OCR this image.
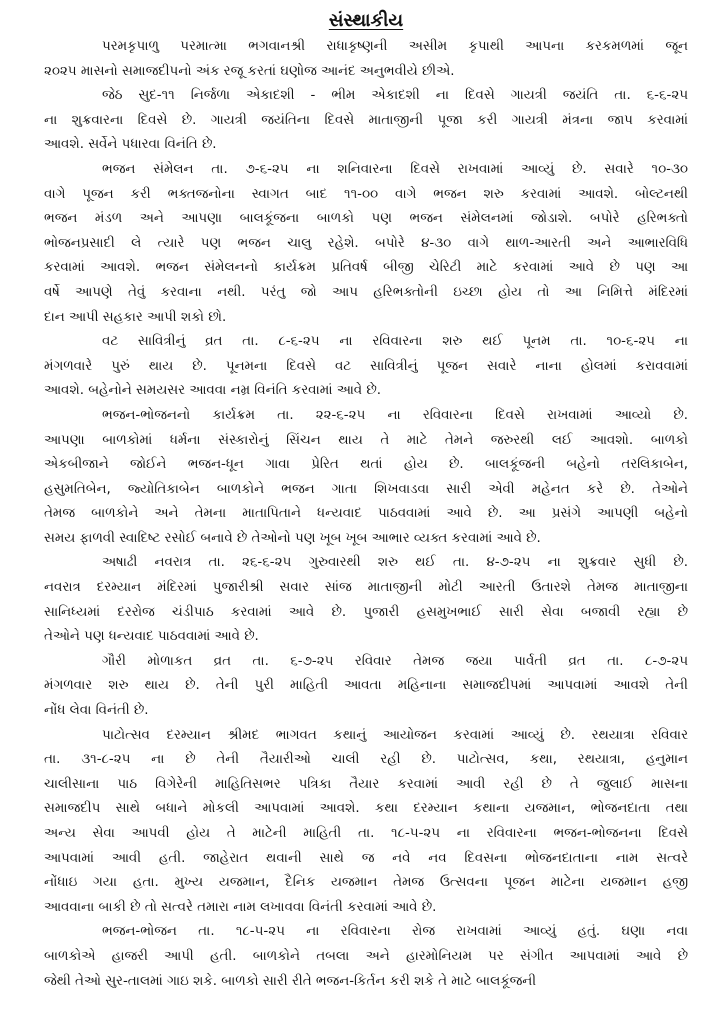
સંસ્થાકીય
પરમકૃપાળુ પરમાત્મા ભગવાનશ્રી રાધાકૃષ્ણની અસીમ કૃપાથી આપના કરકમળમાં જૂન
૨૦૨૫ માસનો સમાજદીપનો અંક રજૂ કરતાં ઘણોજ આનંદ અનુભવીયે છીએ.
જેઠ સુદ-૧૧ નિર્જળા એકાદશી - ભીમ એકાદશી ના દિવસે ગાયત્રી જયંતિ તા. ૬-૬-૨૫
ના શુક્રવારના દિવસે છે. ગાયત્રી જયંતિના દિવસે માતાજીની પૂજા કરી ગાયત્રી મંત્રના જાપ કરવામાં
આવશે. સર્વેને પધારવા વિનંતિ છે.
ભજન સંમેલન તા. ૭-૬-૨૫ ના શનિવારના દિવસે રાખવામાં આવ્યું છે. સવારે ૧૦-૩૦
વાગે પૂજન કરી ભક્તજનોના સ્વાગત બાદ ૧૧-૦૦ વાગે ભજન શરુ કરવામાં આવશે. બોલ્ટનથી
ભજન મંડળ અને આપણા બાલકૂંજના બાળકો પણ ભજન સંમેલનમાં જોડાશે. બપોરે હરિભક્તો
ભોજનપ્રસાદી લે ત્યારે પણ ભજન ચાલુ રહેશે. બપોરે ૪-૩૦ વાગે થાળ-આરતી અને આભારવિધિ
કરવામાં આવશે. ભજન સંમેલનનો કાર્યક્રમ પ્રતિવર્ષ બીજી ચેરિટી માટે કરવામાં આવે છે પણ આ
વર્ષે આપણે તેવું કરવાના નથી. પરંતુ જો આપ હરિભક્તોની ઇચ્છા હોય તો આ નિમિત્તે મંદિરમાં
દાન આપી સહકાર આપી શકો છો.
વટ સાવિત્રીનું વ્રત તા. ૮-૬-૨૫ ના રવિવારના શરુ થઈ પૂનમ તા. ૧૦-૬-૨૫ ના
મંગળવારે પુરું થાય છે. પૂનમના દિવસે વટ સાવિત્રીનું પૂજન સવારે નાના હોલમાં કરાવવામાં
આવશે. બહેનોને સમયસર આવવા નમ્ર વિનંતિ કરવામાં આવે છે.
ભજન-ભોજનનો કાર્યક્રમ તા. ૨૨-૬-૨૫ ના રવિવારના દિવસે રાખવામાં આવ્યો છે.
આપણા બાળકોમાં ધર્મના સંસ્કારોનું સિંચન થાય તે માટે તેમને જરુરથી લઈ આવશો. બાળકો
એકબીજાને જોઈને ભજન-ધૂન ગાવા પ્રેરિત થતાં હોય છે. બાલકૂંજની બહેનો તરલિકાબેન,
હસુમતિબેન, જ્યોતિકાબેન બાળકોને ભજન ગાતા શિખવાડવા સારી એવી મહેનત કરે છે. તેઓને
તેમજ બાળકોને અને તેમના માતાપિતાને ધન્યવાદ પાઠવવામાં આવે છે. આ પ્રસંગે આપણી બહેનો
સમય ફાળવી સ્વાદિષ્ટ રસોઈ બનાવે છે તેઓનો પણ ખૂબ ખૂબ આભાર વ્યક્ત કરવામાં આવે છે.
અષાઢી નવરાત્ર તા. ૨૬-૬-૨૫ ગુરુવારથી શરુ થઈ તા. ૪-૭-૨૫ ના શુક્રવાર સુધી છે.
નવરાત્ર દરમ્યાન મંદિરમાં પુજારીશ્રી સવાર સાંજ માતાજીની મોટી આરતી ઉતારશે તેમજ માતાજીના
સાનિધ્યમાં દરરોજ ચંડીપાઠ કરવામાં આવે છે. પુજારી હસમુખભાઈ સારી સેવા બજાવી રહ્યા છે
તેઓને પણ ધન્યવાદ પાઠવવામાં આવે છે.
ગૌરી મોળાકત વ્રત તા. ૬-૭-૨૫ રવિવાર તેમજ જયા પાર્વતી વ્રત તા. ૮-૭-૨૫
મંગળવાર શરુ થાય છે. તેની પુરી માહિતી આવતા મહિનાના સમાજદીપમાં આપવામાં આવશે તેની
નોંધ લેવા વિનંતી છે.
પાટોત્સવ દરમ્યાન શ્રીમદ ભાગવત કથાનું આયોજન કરવામાં આવ્યું છે. રથયાત્રા રવિવાર
તા. ૩૧-૮-૨૫ ના છે તેની તૈયારીઓ ચાલી રહી છે. પાટોત્સવ, કથા, રથયાત્રા, હનુમાન
ચાલીસાના પાઠ વિગેરેની માહિતિસભર પત્રિકા તૈયાર કરવામાં આવી રહી છે તે જુલાઈ માસના
સમાજદીપ સાથે બધાને મોકલી આપવામાં આવશે. કથા દરમ્યાન કથાના યજમાન, ભોજનદાતા તથા
અન્ય સેવા આપવી હોય તે માટેની માહિતી તા. ૧૮-૫-૨૫ ના રવિવારના ભજન-ભોજનના દિવસે
આપવામાં આવી હતી. જાહેરાત થવાની સાથે જ નવે નવ દિવસના ભોજનદાતાના નામ સત્વરે
નોંધાઇ ગયા હતા. મુખ્ય યજમાન, દૈનિક યજમાન તેમજ ઉત્સવના પૂજન માટેના યજમાન હજી
આવવાના બાકી છે તો સત્વરે તમારા નામ લખાવવા વિનંતી કરવામાં આવે છે.
ભજન-ભોજન તા. ૧૮-૫-૨૫ ના રવિવારના રોજ રાખવામાં આવ્યું હતું. ઘણા નવા
બાળકોએ હાજરી આપી હતી. બાળકોને તબલા અને હારમોનિયમ પર સંગીત આપવામાં આવે છે
જેથી તેઓ સુર-તાલમાં ગાઇ શકે. બાળકો સારી રીતે ભજન-કિર્તન કરી શકે તે માટે બાલકૂંજની
